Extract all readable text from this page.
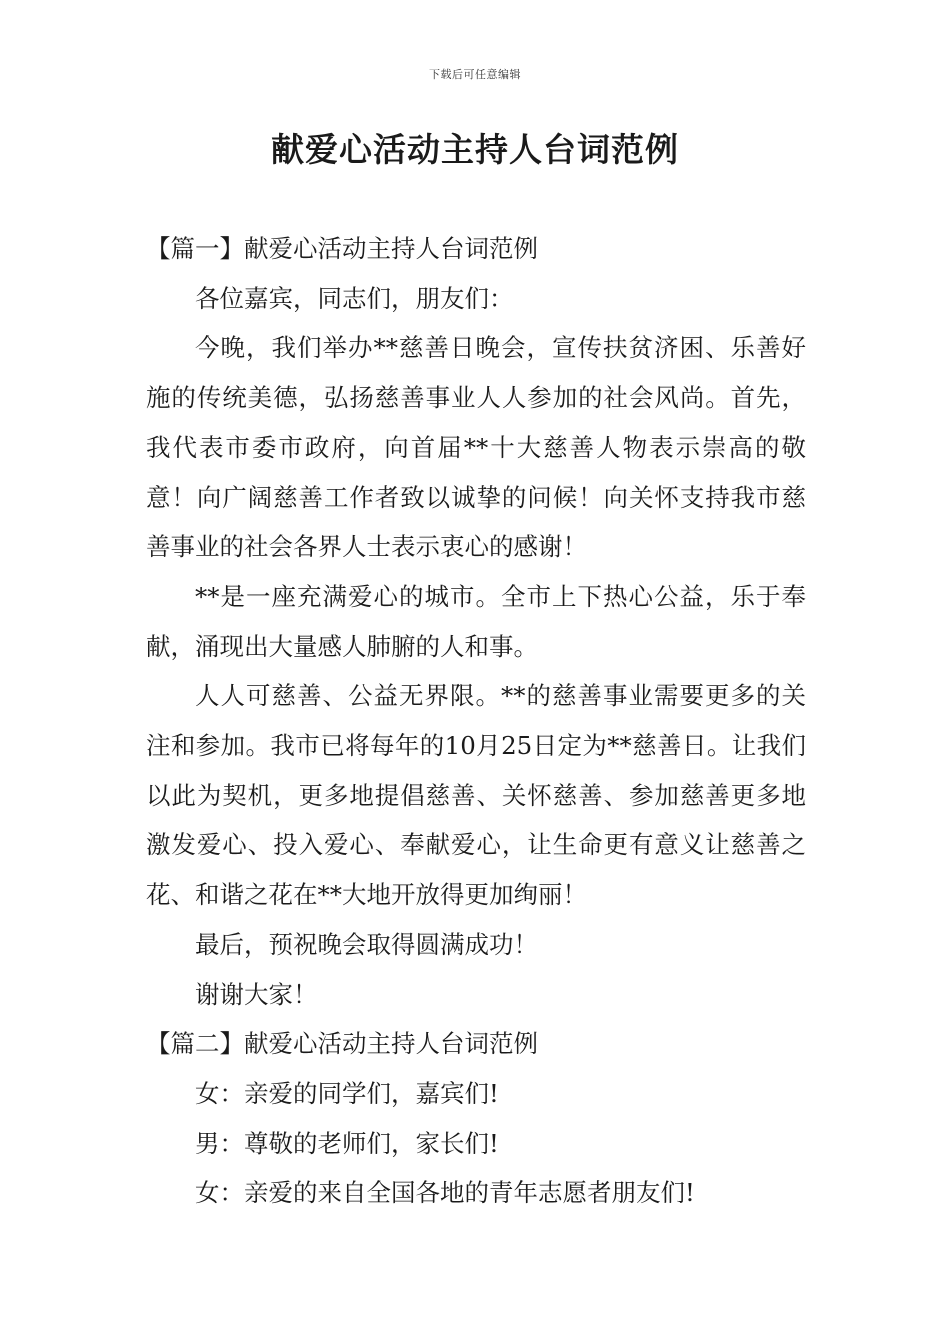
下载后可任意编辑
献爱心活动主持人台词范例

【篇一】献爱心活动主持人台词范例

各位嘉宾，同志们，朋友们：

今晚，我们举办**慈善日晚会，宣传扶贫济困、乐善好施的传统美德，弘扬慈善事业人人参加的社会风尚。首先，我代表市委市政府，向首届**十大慈善人物表示崇高的敬意！向广阔慈善工作者致以诚挚的问候！向关怀支持我市慈善事业的社会各界人士表示衷心的感谢！

**是一座充满爱心的城市。全市上下热心公益，乐于奉献，涌现出大量感人肺腑的人和事。

人人可慈善、公益无界限。**的慈善事业需要更多的关注和参加。我市已将每年的10月25日定为**慈善日。让我们以此为契机，更多地提倡慈善、关怀慈善、参加慈善更多地激发爱心、投入爱心、奉献爱心，让生命更有意义让慈善之花、和谐之花在**大地开放得更加绚丽！

最后，预祝晚会取得圆满成功！

谢谢大家！

【篇二】献爱心活动主持人台词范例

女：亲爱的同学们，嘉宾们!

男：尊敬的老师们，家长们!

女：亲爱的来自全国各地的青年志愿者朋友们!
